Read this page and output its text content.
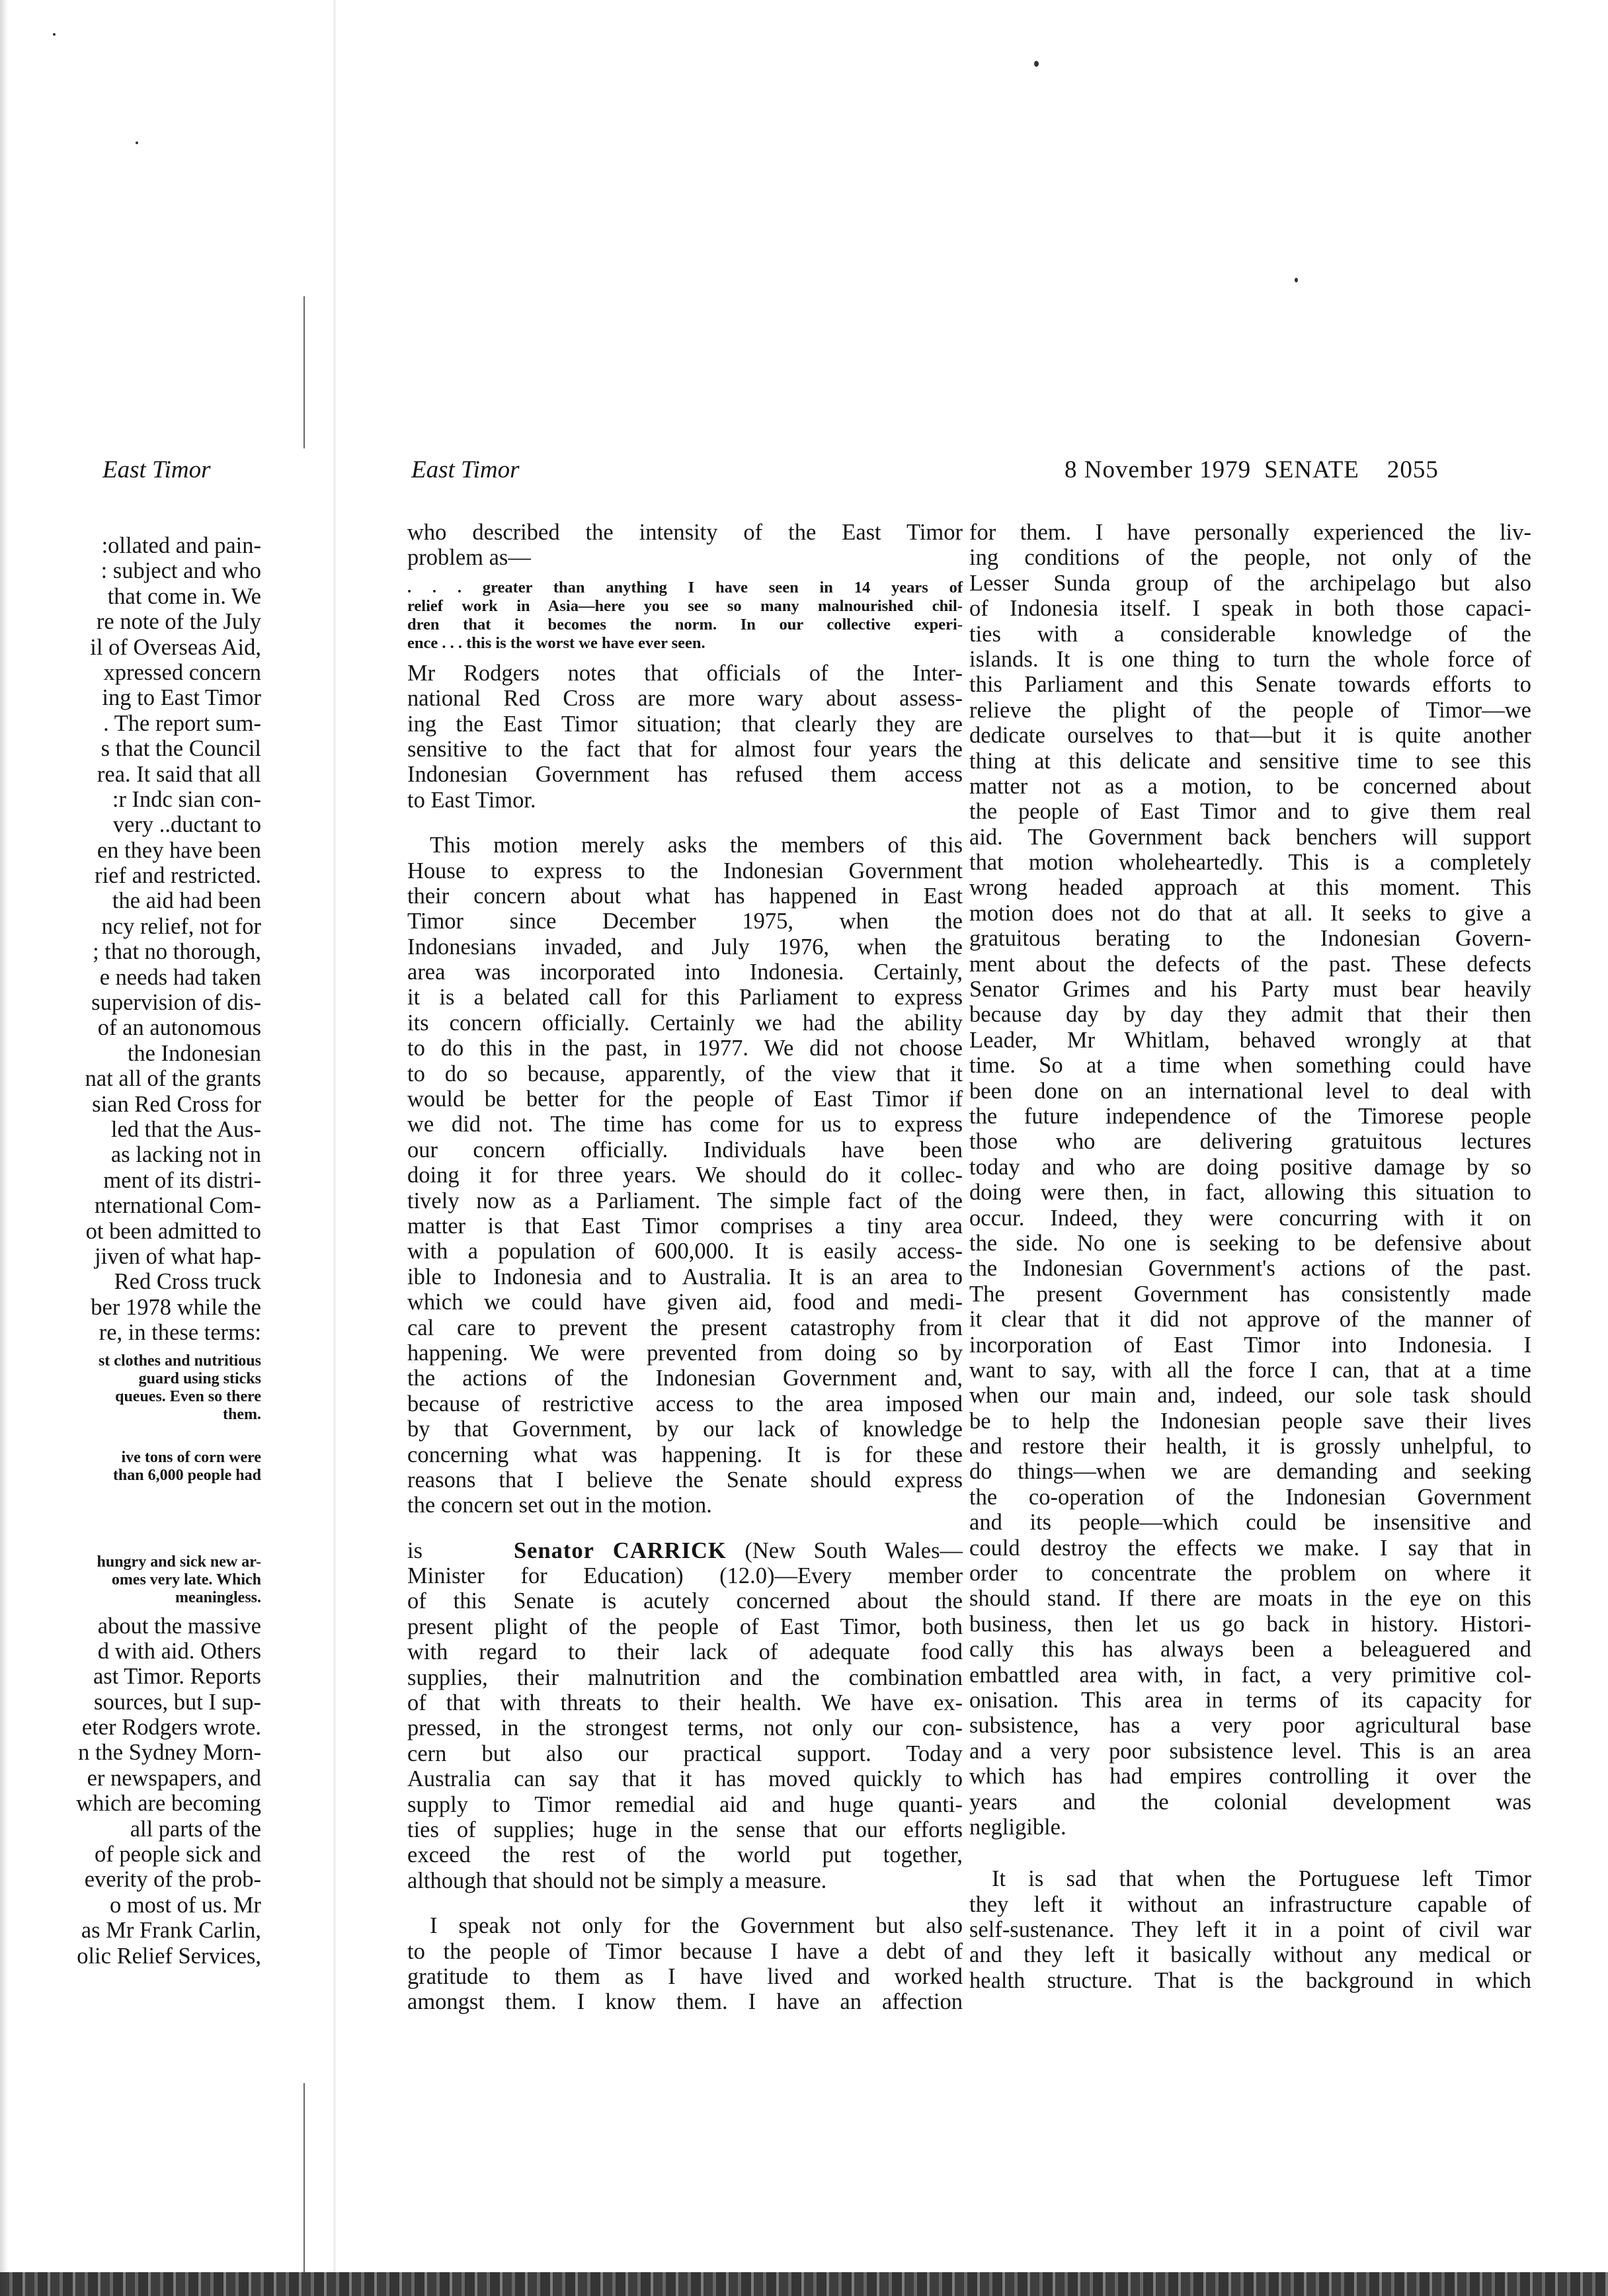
East Timor	East Timor	8 November 1979 SENATE 2055
:ollated and pain-
: subject and who
that come in. We
re note of the July
il of Overseas Aid,
xpressed concern
ing to East Timor
. The report sum-
s that the Council
rea. It said that all
:r Indc sian con-
very ..ductant to
en they have been
rief and restricted.
the aid had been
ncy relief, not for
; that no thorough,
e needs had taken
supervision of dis-
of an autonomous
the Indonesian
nat all of the grants
sian Red Cross for
led that the Aus-
as lacking not in
ment of its distri-
nternational Com-
ot been admitted to
jiven of what hap-
Red Cross truck
ber 1978 while the
re, in these terms:
st clothes and nutritious
guard using sticks
queues. Even so there
them.
ive tons of corn were
than 6,000 people had
hungry and sick new ar-
omes very late. Which
meaningless.
about the massive
d with aid. Others
ast Timor. Reports
sources, but I sup-
eter Rodgers wrote.
n the Sydney Morn-
er newspapers, and
which are becoming
all parts of the
of people sick and
everity of the prob-
o most of us. Mr
as Mr Frank Carlin,
olic Relief Services,
who described the intensity of the East Timor
problem as—
. . . greater than anything I have seen in 14 years of
relief work in Asia—here you see so many malnourished chil-
dren that it becomes the norm. In our collective experi-
ence . . . this is the worst we have ever seen.
Mr Rodgers notes that officials of the Inter-
national Red Cross are more wary about assess-
ing the East Timor situation; that clearly they are
sensitive to the fact that for almost four years the
Indonesian Government has refused them access
to East Timor.
This motion merely asks the members of this
House to express to the Indonesian Government
their concern about what has happened in East
Timor since December 1975, when the
Indonesians invaded, and July 1976, when the
area was incorporated into Indonesia. Certainly,
it is a belated call for this Parliament to express
its concern officially. Certainly we had the ability
to do this in the past, in 1977. We did not choose
to do so because, apparently, of the view that it
would be better for the people of East Timor if
we did not. The time has come for us to express
our concern officially. Individuals have been
doing it for three years. We should do it collec-
tively now as a Parliament. The simple fact of the
matter is that East Timor comprises a tiny area
with a population of 600,000. It is easily access-
ible to Indonesia and to Australia. It is an area to
which we could have given aid, food and medi-
cal care to prevent the present catastrophy from
happening. We were prevented from doing so by
the actions of the Indonesian Government and,
because of restrictive access to the area imposed
by that Government, by our lack of knowledge
concerning what was happening. It is for these
reasons that I believe the Senate should express
the concern set out in the motion.
is	Senator CARRICK (New South Wales—
Minister for Education) (12.0)—Every member
of this Senate is acutely concerned about the
present plight of the people of East Timor, both
with regard to their lack of adequate food
supplies, their malnutrition and the combination
of that with threats to their health. We have ex-
pressed, in the strongest terms, not only our con-
cern but also our practical support. Today
Australia can say that it has moved quickly to
supply to Timor remedial aid and huge quanti-
ties of supplies; huge in the sense that our efforts
exceed the rest of the world put together,
although that should not be simply a measure.
I speak not only for the Government but also
to the people of Timor because I have a debt of
gratitude to them as I have lived and worked
amongst them. I know them. I have an affection
for them. I have personally experienced the liv-
ing conditions of the people, not only of the
Lesser Sunda group of the archipelago but also
of Indonesia itself. I speak in both those capaci-
ties with a considerable knowledge of the
islands. It is one thing to turn the whole force of
this Parliament and this Senate towards efforts to
relieve the plight of the people of Timor—we
dedicate ourselves to that—but it is quite another
thing at this delicate and sensitive time to see this
matter not as a motion, to be concerned about
the people of East Timor and to give them real
aid. The Government back benchers will support
that motion wholeheartedly. This is a completely
wrong headed approach at this moment. This
motion does not do that at all. It seeks to give a
gratuitous berating to the Indonesian Govern-
ment about the defects of the past. These defects
Senator Grimes and his Party must bear heavily
because day by day they admit that their then
Leader, Mr Whitlam, behaved wrongly at that
time. So at a time when something could have
been done on an international level to deal with
the future independence of the Timorese people
those who are delivering gratuitous lectures
today and who are doing positive damage by so
doing were then, in fact, allowing this situation to
occur. Indeed, they were concurring with it on
the side. No one is seeking to be defensive about
the Indonesian Government's actions of the past.
The present Government has consistently made
it clear that it did not approve of the manner of
incorporation of East Timor into Indonesia. I
want to say, with all the force I can, that at a time
when our main and, indeed, our sole task should
be to help the Indonesian people save their lives
and restore their health, it is grossly unhelpful, to
do things—when we are demanding and seeking
the co-operation of the Indonesian Government
and its people—which could be insensitive and
could destroy the effects we make. I say that in
order to concentrate the problem on where it
should stand. If there are moats in the eye on this
business, then let us go back in history. Histori-
cally this has always been a beleaguered and
embattled area with, in fact, a very primitive col-
onisation. This area in terms of its capacity for
subsistence, has a very poor agricultural base
and a very poor subsistence level. This is an area
which has had empires controlling it over the
years and the colonial development was
negligible.
It is sad that when the Portuguese left Timor
they left it without an infrastructure capable of
self-sustenance. They left it in a point of civil war
and they left it basically without any medical or
health structure. That is the background in which
